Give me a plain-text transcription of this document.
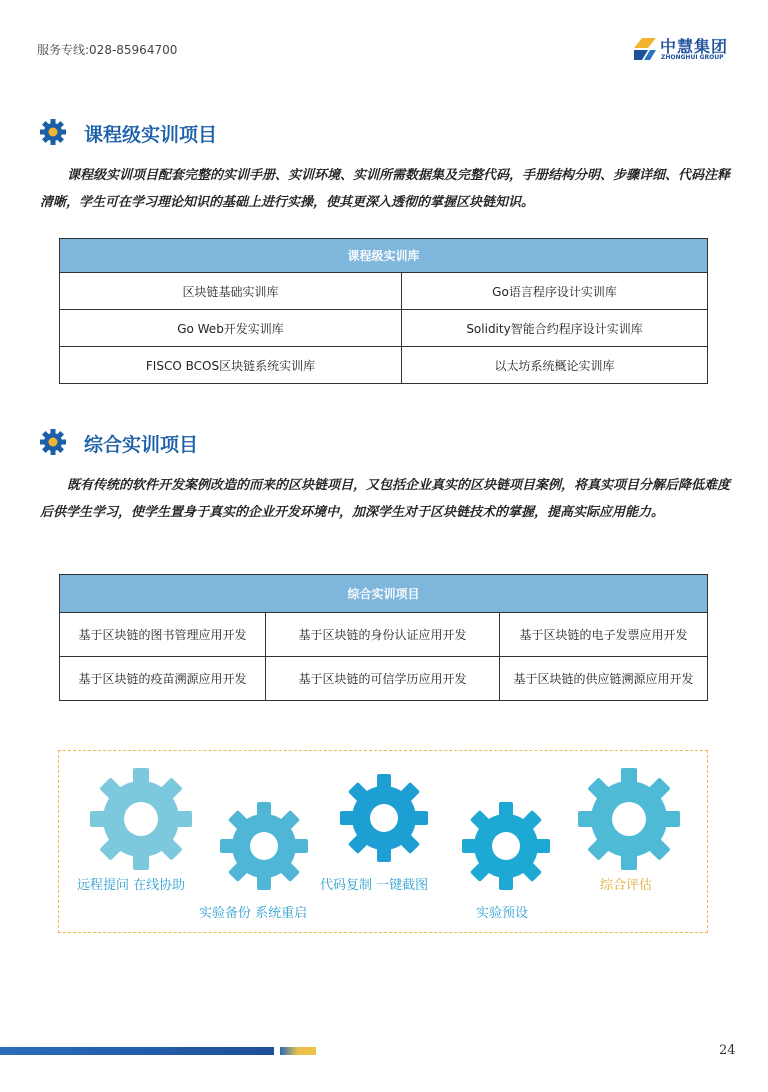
服务专线:028-85964700	中慧集团
ZHONGHUI GROUP
课程级实训项目
课程级实训项目配套完整的实训手册、实训环境、实训所需数据集及完整代码，手册结构分明、步骤详细、代码注释清晰，学生可在学习理论知识的基础上进行实操，使其更深入透彻的掌握区块链知识。
课程级实训库	
区块链基础实训库	Go语言程序设计实训库
Go Web开发实训库	Solidity智能合约程序设计实训库
FISCO BCOS区块链系统实训库	以太坊系统概论实训库
综合实训项目
既有传统的软件开发案例改造的而来的区块链项目，又包括企业真实的区块链项目案例，将真实项目分解后降低难度后供学生学习，使学生置身于真实的企业开发环境中，加深学生对于区块链技术的掌握，提高实际应用能力。
综合实训项目		
基于区块链的图书管理应用开发	基于区块链的身份认证应用开发	基于区块链的电子发票应用开发
基于区块链的疫苗溯源应用开发	基于区块链的可信学历应用开发	基于区块链的供应链溯源应用开发
远程提问 在线协助
实验备份 系统重启
代码复制 一键截图
实验预设
综合评估
24
